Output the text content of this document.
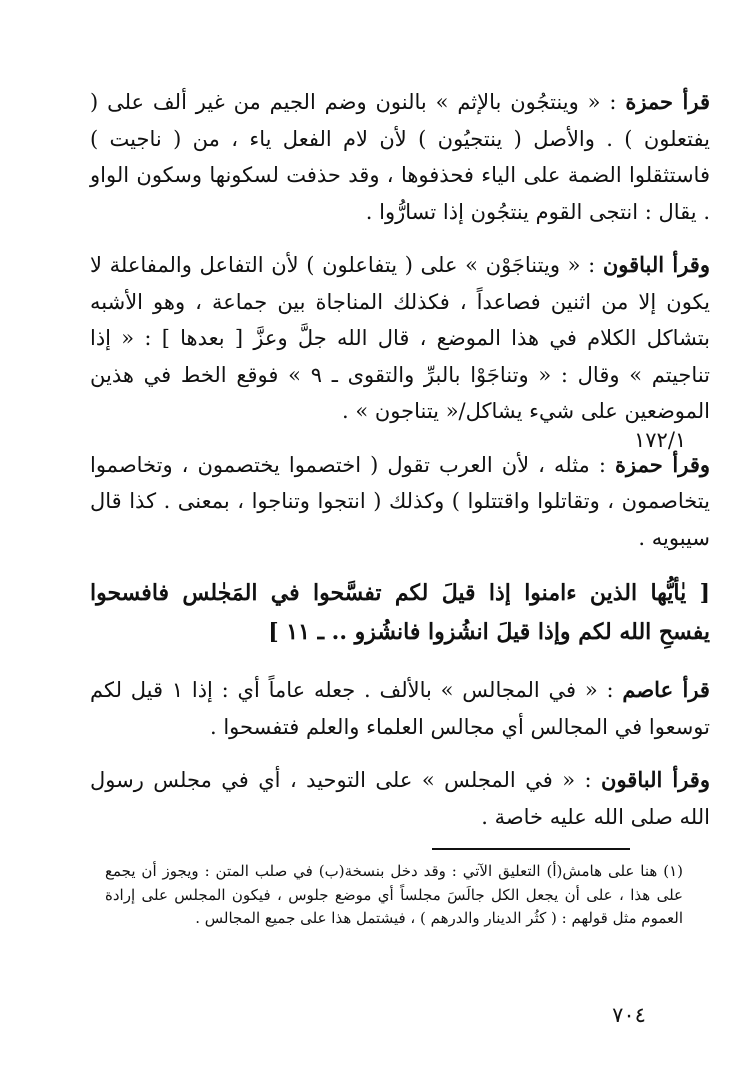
قرأ حمزة : « وينتجُون بالإثم » بالنون وضم الجيم من غير ألف على ( يفتعلون ) . والأصل ( ينتجيُون ) لأن لام الفعل ياء ، من ( ناجيت ) فاستثقلوا الضمة على الياء فحذفوها ، وقد حذفت لسكونها وسكون الواو . يقال : انتجى القوم ينتجُون إذا تسارُّوا .

وقرأ الباقون : « ويتناجَوْن » على ( يتفاعلون ) لأن التفاعل والمفاعلة لا يكون إلا من اثنين فصاعداً ، فكذلك المناجاة بين جماعة ، وهو الأشبه بتشاكل الكلام في هذا الموضع ، قال الله جلَّ وعزَّ [ بعدها ] : « إذا تناجيتم » وقال : « وتناجَوْا بالبرِّ والتقوى ـ ٩ » فوقع الخط في هذين الموضعين على شيء يشاكل/« يتناجون » .

وقرأ حمزة : مثله ، لأن العرب تقول ( اختصموا يختصمون ، وتخاصموا يتخاصمون ، وتقاتلوا واقتتلوا ) وكذلك ( انتجوا وتناجوا ، بمعنى . كذا قال سيبويه .

[ يٰأيُّها الذين ءامنوا إذا قيلَ لكم تفسَّحوا في المَجٰلس فافسحوا يفسحِ الله لكم وإذا قيلَ انشُزوا فانشُزو .. ـ ١١ ]

قرأ عاصم : « في المجالس » بالألف . جعله عاماً أي : إذا ١ قيل لكم توسعوا في المجالس أي مجالس العلماء والعلم فتفسحوا .

وقرأ الباقون : « في المجلس » على التوحيد ، أي في مجلس رسول الله صلى الله عليه خاصة .

١٧٢/١
(١) هنا على هامش(أ) التعليق الآتي : وقد دخل بنسخة(ب) في صلب المتن : ويجوز أن يجمع على هذا ، على أن يجعل الكل جالَسَ مجلساً أي موضع جلوس ، فيكون المجلس على إرادة العموم مثل قولهم : ( كثُر الدينار والدرهم ) ، فيشتمل هذا على جميع المجالس .
٧٠٤
